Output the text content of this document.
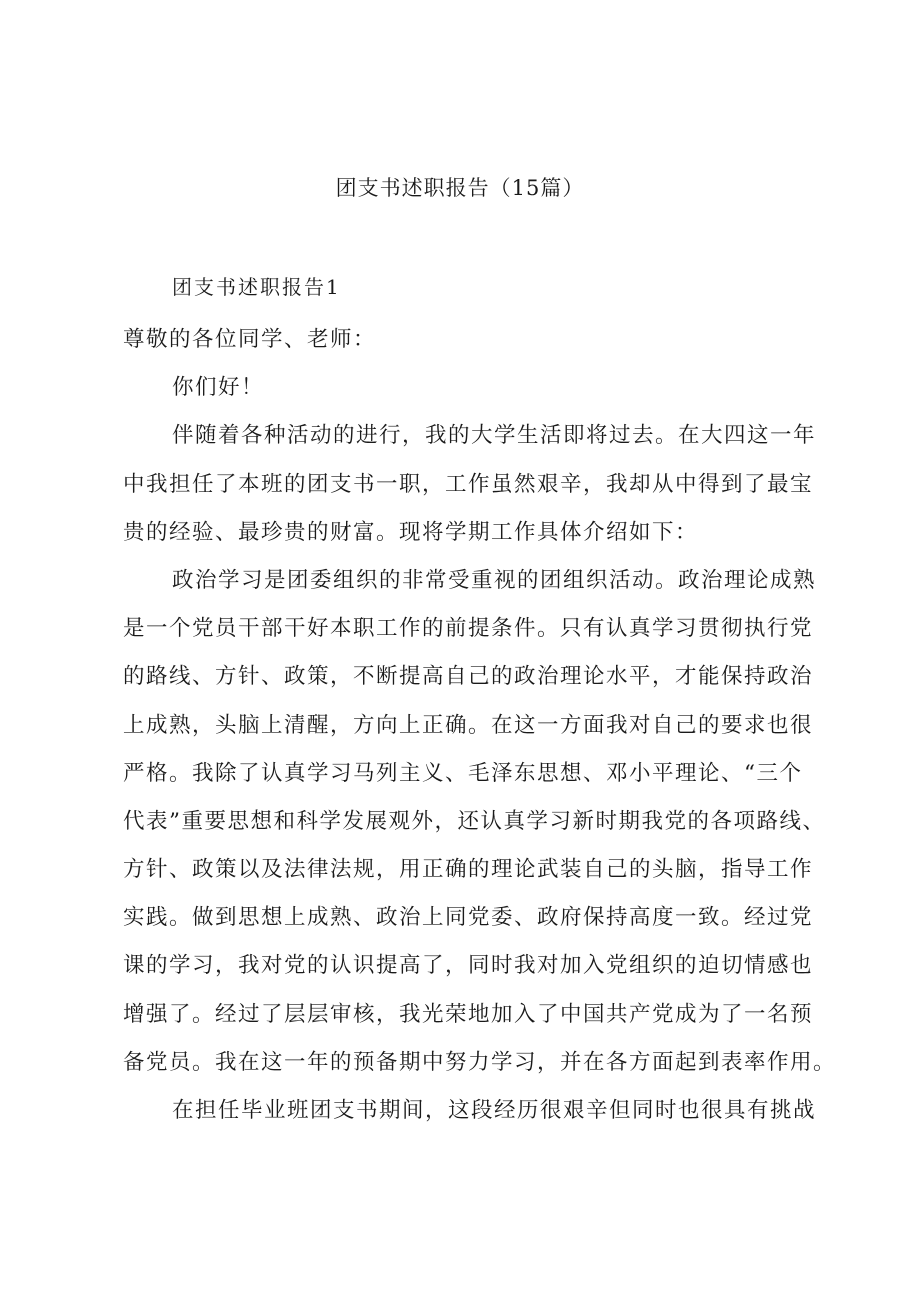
团支书述职报告（15篇）
团支书述职报告1
尊敬的各位同学、老师：
你们好！
伴随着各种活动的进行，我的大学生活即将过去。在大四这一年
中我担任了本班的团支书一职，工作虽然艰辛，我却从中得到了最宝
贵的经验、最珍贵的财富。现将学期工作具体介绍如下：
政治学习是团委组织的非常受重视的团组织活动。政治理论成熟
是一个党员干部干好本职工作的前提条件。只有认真学习贯彻执行党
的路线、方针、政策，不断提高自己的政治理论水平，才能保持政治
上成熟，头脑上清醒，方向上正确。在这一方面我对自己的要求也很
严格。我除了认真学习马列主义、毛泽东思想、邓小平理论、“三个
代表”重要思想和科学发展观外，还认真学习新时期我党的各项路线、
方针、政策以及法律法规，用正确的理论武装自己的头脑，指导工作
实践。做到思想上成熟、政治上同党委、政府保持高度一致。经过党
课的学习，我对党的认识提高了，同时我对加入党组织的迫切情感也
增强了。经过了层层审核，我光荣地加入了中国共产党成为了一名预
备党员。我在这一年的预备期中努力学习，并在各方面起到表率作用。
在担任毕业班团支书期间，这段经历很艰辛但同时也很具有挑战
